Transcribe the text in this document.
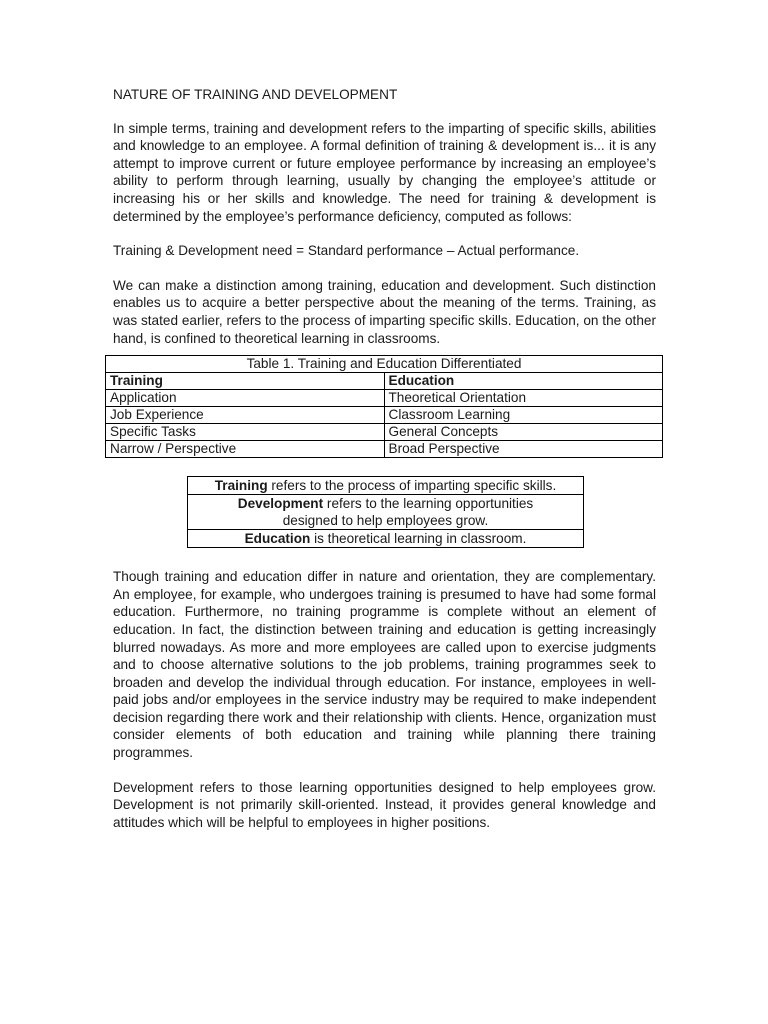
NATURE OF TRAINING AND DEVELOPMENT

In simple terms, training and development refers to the imparting of specific skills, abilities and knowledge to an employee. A formal definition of training & development is... it is any attempt to improve current or future employee performance by increasing an employee’s ability to perform through learning, usually by changing the employee’s attitude or increasing his or her skills and knowledge. The need for training & development is determined by the employee’s performance deficiency, computed as follows:

Training & Development need = Standard performance – Actual performance.

We can make a distinction among training, education and development. Such distinction enables us to acquire a better perspective about the meaning of the terms. Training, as was stated earlier, refers to the process of imparting specific skills. Education, on the other hand, is confined to theoretical learning in classrooms.

Table 1. Training and Education Differentiated	
Training	Education
Application	Theoretical Orientation
Job Experience	Classroom Learning
Specific Tasks	General Concepts
Narrow / Perspective	Broad Perspective
Training refers to the process of imparting specific skills.
Development refers to the learning opportunities
designed to help employees grow.
Education is theoretical learning in classroom.

Though training and education differ in nature and orientation, they are complementary. An employee, for example, who undergoes training is presumed to have had some formal education. Furthermore, no training programme is complete without an element of education. In fact, the distinction between training and education is getting increasingly blurred nowadays. As more and more employees are called upon to exercise judgments and to choose alternative solutions to the job problems, training programmes seek to broaden and develop the individual through education. For instance, employees in well-paid jobs and/or employees in the service industry may be required to make independent decision regarding there work and their relationship with clients. Hence, organization must consider elements of both education and training while planning there training programmes.

Development refers to those learning opportunities designed to help employees grow. Development is not primarily skill-oriented. Instead, it provides general knowledge and attitudes which will be helpful to employees in higher positions.
